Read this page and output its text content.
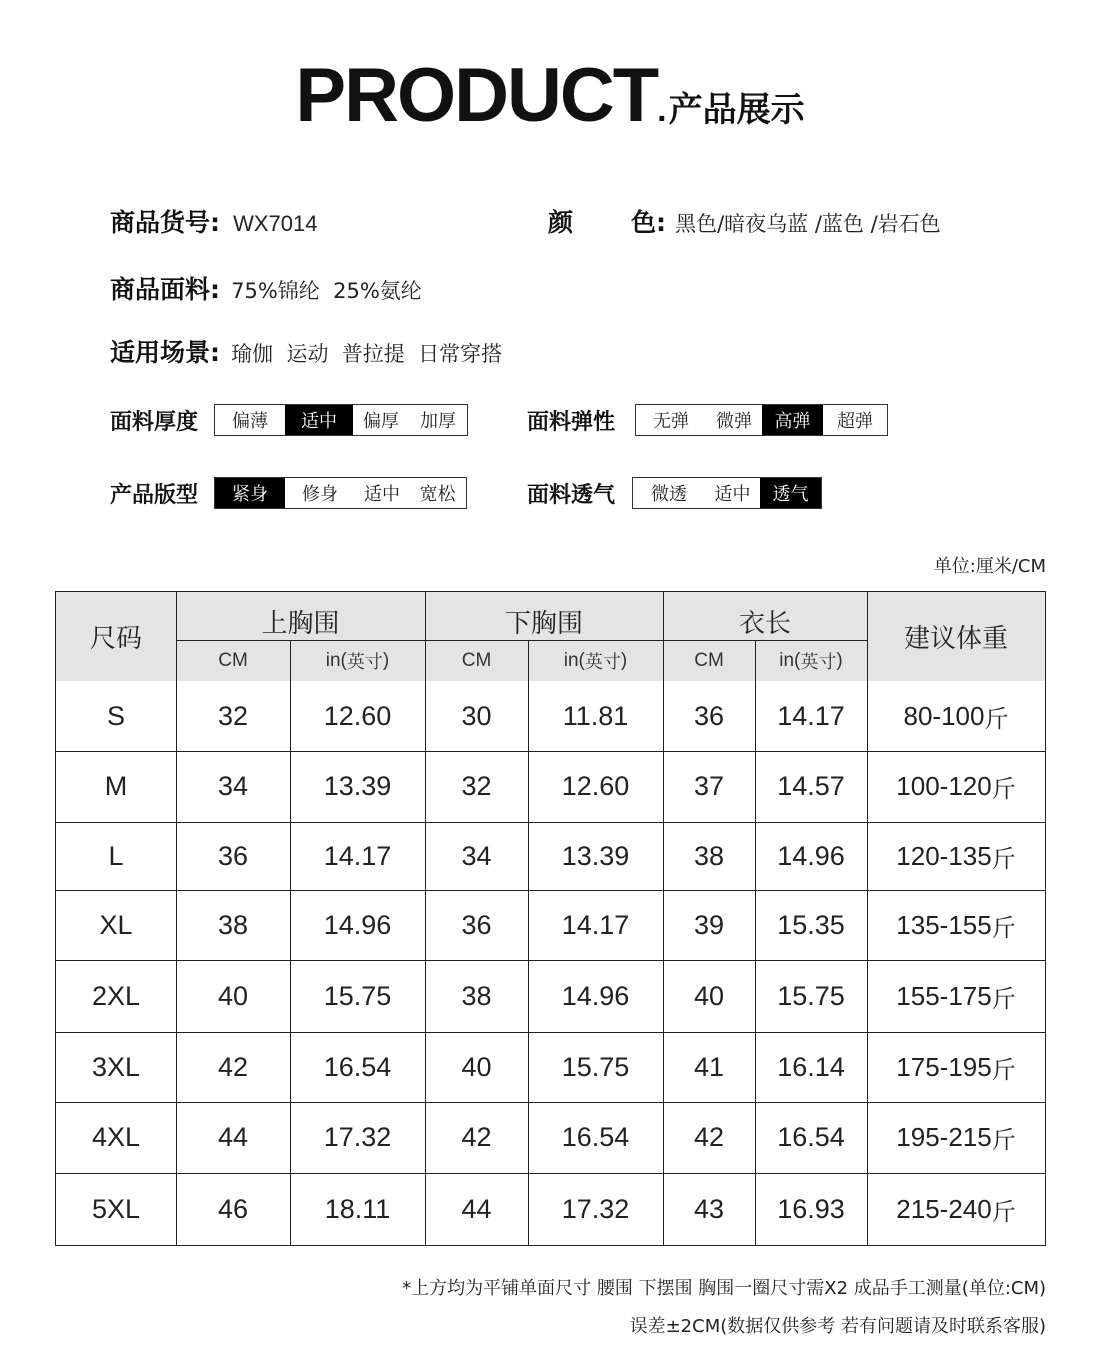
PRODUCT.产品展示
商品货号: WX7014	颜 色: 黑色/暗夜乌蓝 /蓝色 /岩石色
商品面料: 75%锦纶  25%氨纶
适用场景: 瑜伽  运动  普拉提  日常穿搭
面料厚度	偏薄	适中	偏厚	加厚	面料弹性	无弹	微弹	高弹	超弹
产品版型	紧身	修身	适中	宽松	面料透气	微透	适中	透气
单位:厘米/CM
尺码
上胸围	下胸围	衣长
建议体重
CM	in( 英寸 )	CM	in( 英寸 )	CM	in( 英寸 )
S	32	12.60	30	11.81	36	14.17	80-100 斤
M	34	13.39	32	12.60	37	14.57	100-120 斤
L	36	14.17	34	13.39	38	14.96	120-135 斤
XL	38	14.96	36	14.17	39	15.35	135-155 斤
2XL	40	15.75	38	14.96	40	15.75	155-175 斤
3XL	42	16.54	40	15.75	41	16.14	175-195 斤
4XL	44	17.32	42	16.54	42	16.54	195-215 斤
5XL	46	18.11	44	17.32	43	16.93	215-240 斤
*上方均为平铺单面尺寸 腰围 下摆围 胸围一圈尺寸需X2 成品手工测量(单位:CM)
误差±2CM(数据仅供参考 若有问题请及时联系客服)
